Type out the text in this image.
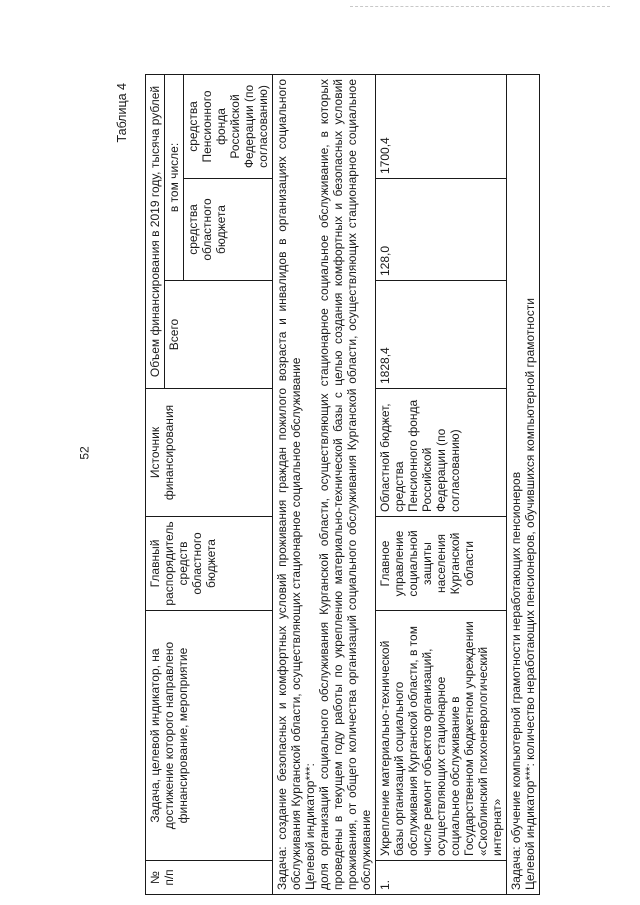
52
Таблица 4

№ п/п	Задача, целевой индикатор, на достижение которого направлено финансирование, мероприятие	Главный распорядитель средств областного бюджета	Источник финансирования	Объем финансирования в 2019 году, тысяча рублей		
				Всего	в том числе:	
					средства областного бюджета	средства Пенсионного фонда Российской Федерации (по согласованию)

Задача: создание безопасных и комфортных условий проживания граждан пожилого возраста и инвалидов в организациях социального обслуживания Курганской области, осуществляющих стационарное социальное обслуживание Целевой индикатор***: доля организаций социального обслуживания Курганской области, осуществляющих стационарное социальное обслуживание, в которых проведены в текущем году работы по укреплению материально-технической базы с целью создания комфортных и безопасных условий проживания, от общего количества организаций социального обслуживания Курганской области, осуществляющих стационарное социальное обслуживание						

1.	Укрепление материально-технической базы организаций социального обслуживания Курганской области, в том числе ремонт объектов организаций, осуществляющих стационарное социальное обслуживание в Государственном бюджетном учреждении «Скоблинский психоневрологический интернат»	Главное управление социальной защиты населения Курганской области	Областной бюджет, средства Пенсионного фонда Российской Федерации (по согласованию)	1828,4	128,0	1700,4

Задача: обучение компьютерной грамотности неработающих пенсионеров Целевой индикатор***: количество неработающих пенсионеров, обучившихся компьютерной грамотности						
